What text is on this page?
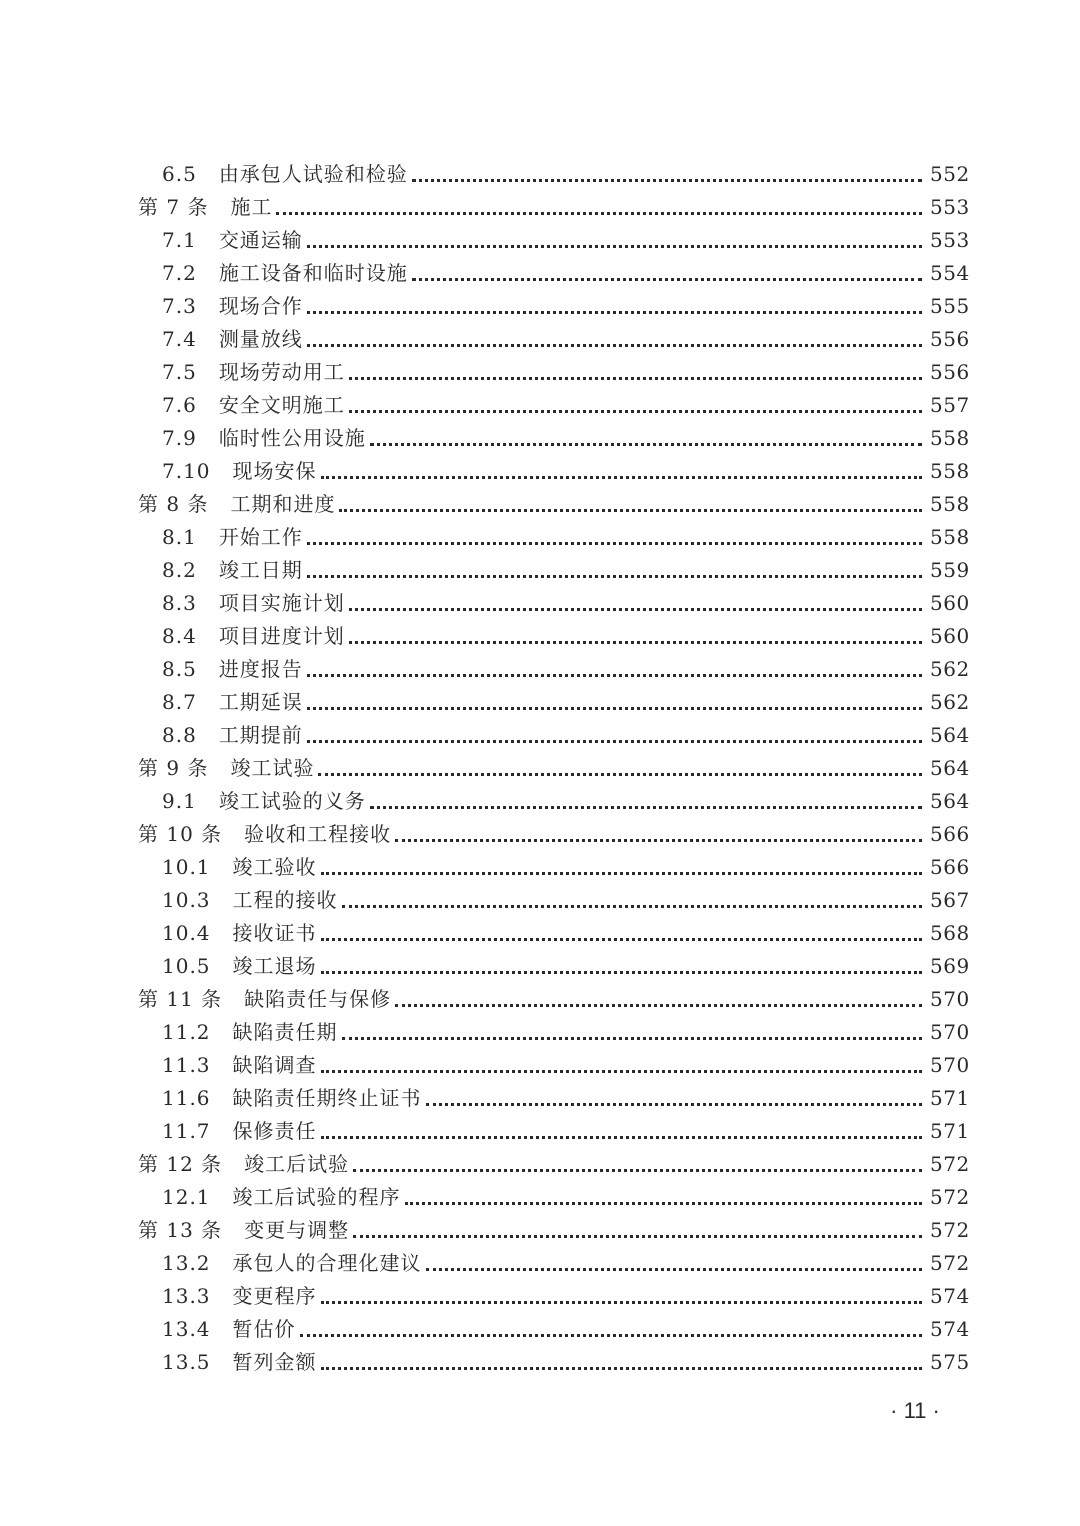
6.5 由承包人试验和检验	552
第 7 条 施工	553
7.1 交通运输	553
7.2 施工设备和临时设施	554
7.3 现场合作	555
7.4 测量放线	556
7.5 现场劳动用工	556
7.6 安全文明施工	557
7.9 临时性公用设施	558
7.10 现场安保	558
第 8 条 工期和进度	558
8.1 开始工作	558
8.2 竣工日期	559
8.3 项目实施计划	560
8.4 项目进度计划	560
8.5 进度报告	562
8.7 工期延误	562
8.8 工期提前	564
第 9 条 竣工试验	564
9.1 竣工试验的义务	564
第 10 条 验收和工程接收	566
10.1 竣工验收	566
10.3 工程的接收	567
10.4 接收证书	568
10.5 竣工退场	569
第 11 条 缺陷责任与保修	570
11.2 缺陷责任期	570
11.3 缺陷调查	570
11.6 缺陷责任期终止证书	571
11.7 保修责任	571
第 12 条 竣工后试验	572
12.1 竣工后试验的程序	572
第 13 条 变更与调整	572
13.2 承包人的合理化建议	572
13.3 变更程序	574
13.4 暂估价	574
13.5 暂列金额	575
· 11 ·
